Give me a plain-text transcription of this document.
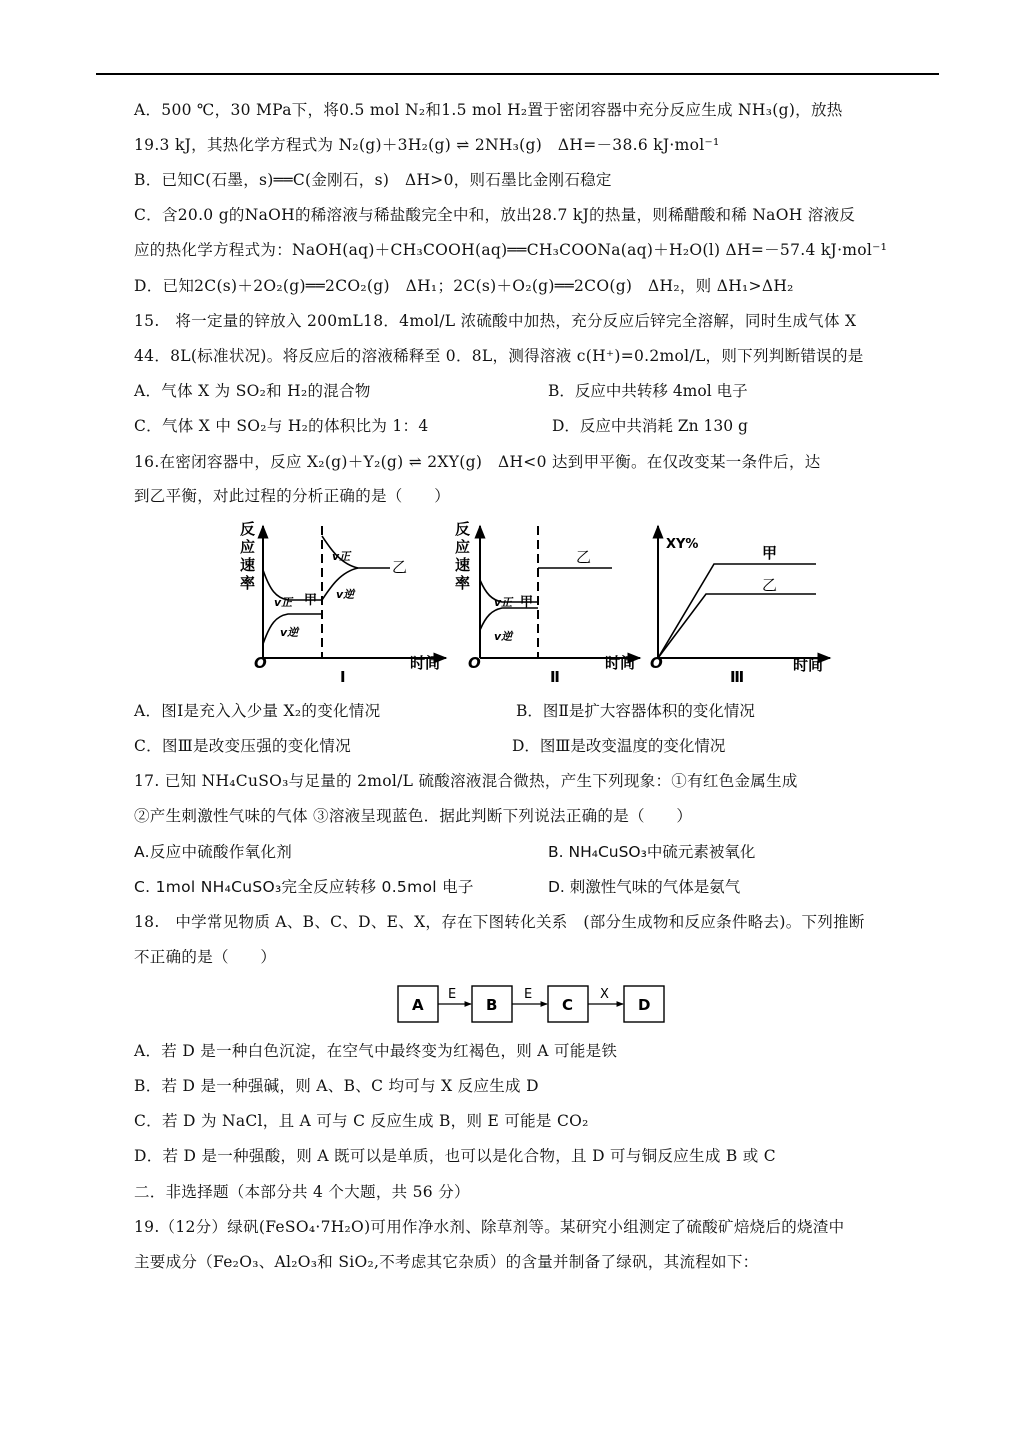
A．500 ℃，30 MPa下，将0.5 mol N₂和1.5 mol H₂置于密闭容器中充分反应生成 NH₃(g)，放热
19.3 kJ，其热化学方程式为 N₂(g)＋3H₂(g) ⇌ 2NH₃(g)　ΔH=－38.6 kJ·mol⁻¹
B．已知C(石墨，s)══C(金刚石，s)　ΔH>0，则石墨比金刚石稳定
C．含20.0 g的NaOH的稀溶液与稀盐酸完全中和，放出28.7 kJ的热量，则稀醋酸和稀 NaOH 溶液反
应的热化学方程式为：NaOH(aq)＋CH₃COOH(aq)══CH₃COONa(aq)＋H₂O(l) ΔH=－57.4 kJ·mol⁻¹
D．已知2C(s)＋2O₂(g)══2CO₂(g)　ΔH₁；2C(s)＋O₂(g)══2CO(g)　ΔH₂，则 ΔH₁>ΔH₂
15.　将一定量的锌放入 200mL18．4mol/L 浓硫酸中加热，充分反应后锌完全溶解，同时生成气体 X
44．8L(标准状况)。将反应后的溶液稀释至 0．8L，测得溶液 c(H⁺)=0.2mol/L，则下列判断错误的是
A．气体 X 为 SO₂和 H₂的混合物	B．反应中共转移 4mol 电子
C．气体 X 中 SO₂与 H₂的体积比为 1：4	D．反应中共消耗 Zn 130 g
16.在密闭容器中，反应 X₂(g)＋Y₂(g) ⇌ 2XY(g)　ΔH<0 达到甲平衡。在仅改变某一条件后，达
到乙平衡，对此过程的分析正确的是（　　）
反
应
速
率
O	时间
v正
v逆
甲
v正
v逆
乙
Ⅰ
反
应
速
率
O	时间
v正
v逆
甲
乙
Ⅱ
XY%
O	时间
甲
乙
Ⅲ
A．图Ⅰ是充入入少量 X₂的变化情况	B．图Ⅱ是扩大容器体积的变化情况
C．图Ⅲ是改变压强的变化情况	D．图Ⅲ是改变温度的变化情况
17. 已知 NH₄CuSO₃与足量的 2mol/L 硫酸溶液混合微热，产生下列现象：①有红色金属生成
②产生刺激性气味的气体 ③溶液呈现蓝色．据此判断下列说法正确的是（　　）
A.反应中硫酸作氧化剂	B. NH₄CuSO₃中硫元素被氧化
C. 1mol NH₄CuSO₃完全反应转移 0.5mol 电子	D. 刺激性气味的气体是氨气
18.　中学常见物质 A、B、C、D、E、X，存在下图转化关系　(部分生成物和反应条件略去)。下列推断
不正确的是（　　）
A	B	C	D
E	E	X
A．若 D 是一种白色沉淀，在空气中最终变为红褐色，则 A 可能是铁
B．若 D 是一种强碱，则 A、B、C 均可与 X 反应生成 D
C．若 D 为 NaCl，且 A 可与 C 反应生成 B，则 E 可能是 CO₂
D．若 D 是一种强酸，则 A 既可以是单质，也可以是化合物，且 D 可与铜反应生成 B 或 C
二．非选择题（本部分共 4 个大题，共 56 分）
19.（12分）绿矾(FeSO₄·7H₂O)可用作净水剂、除草剂等。某研究小组测定了硫酸矿焙烧后的烧渣中
主要成分（Fe₂O₃、Al₂O₃和 SiO₂,不考虑其它杂质）的含量并制备了绿矾，其流程如下：
